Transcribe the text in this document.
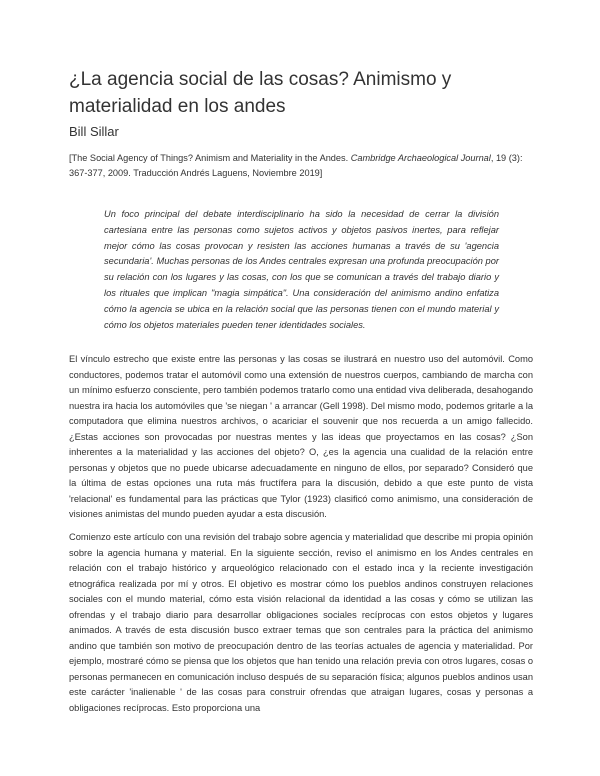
¿La agencia social de las cosas? Animismo y materialidad en los andes
Bill Sillar
[The Social Agency of Things? Animism and Materiality in the Andes. Cambridge Archaeological Journal, 19 (3): 367-377, 2009. Traducción Andrés Laguens, Noviembre 2019]

Un foco principal del debate interdisciplinario ha sido la necesidad de cerrar la división cartesiana entre las personas como sujetos activos y objetos pasivos inertes, para reflejar mejor cómo las cosas provocan y resisten las acciones humanas a través de su 'agencia secundaria'. Muchas personas de los Andes centrales expresan una profunda preocupación por su relación con los lugares y las cosas, con los que se comunican a través del trabajo diario y los rituales que implican "magia simpática". Una consideración del animismo andino enfatiza cómo la agencia se ubica en la relación social que las personas tienen con el mundo material y cómo los objetos materiales pueden tener identidades sociales.

El vínculo estrecho que existe entre las personas y las cosas se ilustrará en nuestro uso del automóvil. Como conductores, podemos tratar el automóvil como una extensión de nuestros cuerpos, cambiando de marcha con un mínimo esfuerzo consciente, pero también podemos tratarlo como una entidad viva deliberada, desahogando nuestra ira hacia los automóviles que 'se niegan ' a arrancar (Gell 1998). Del mismo modo, podemos gritarle a la computadora que elimina nuestros archivos, o acariciar el souvenir que nos recuerda a un amigo fallecido. ¿Estas acciones son provocadas por nuestras mentes y las ideas que proyectamos en las cosas? ¿Son inherentes a la materialidad y las acciones del objeto? O, ¿es la agencia una cualidad de la relación entre personas y objetos que no puede ubicarse adecuadamente en ninguno de ellos, por separado? Consideró que la última de estas opciones una ruta más fructífera para la discusión, debido a que este punto de vista 'relacional' es fundamental para las prácticas que Tylor (1923) clasificó como animismo, una consideración de visiones animistas del mundo pueden ayudar a esta discusión.

Comienzo este artículo con una revisión del trabajo sobre agencia y materialidad que describe mi propia opinión sobre la agencia humana y material. En la siguiente sección, reviso el animismo en los Andes centrales en relación con el trabajo histórico y arqueológico relacionado con el estado inca y la reciente investigación etnográfica realizada por mí y otros. El objetivo es mostrar cómo los pueblos andinos construyen relaciones sociales con el mundo material, cómo esta visión relacional da identidad a las cosas y cómo se utilizan las ofrendas y el trabajo diario para desarrollar obligaciones sociales recíprocas con estos objetos y lugares animados. A través de esta discusión busco extraer temas que son centrales para la práctica del animismo andino que también son motivo de preocupación dentro de las teorías actuales de agencia y materialidad. Por ejemplo, mostraré cómo se piensa que los objetos que han tenido una relación previa con otros lugares, cosas o personas permanecen en comunicación incluso después de su separación física; algunos pueblos andinos usan este carácter 'inalienable ' de las cosas para construir ofrendas que atraigan lugares, cosas y personas a obligaciones recíprocas. Esto proporciona una
